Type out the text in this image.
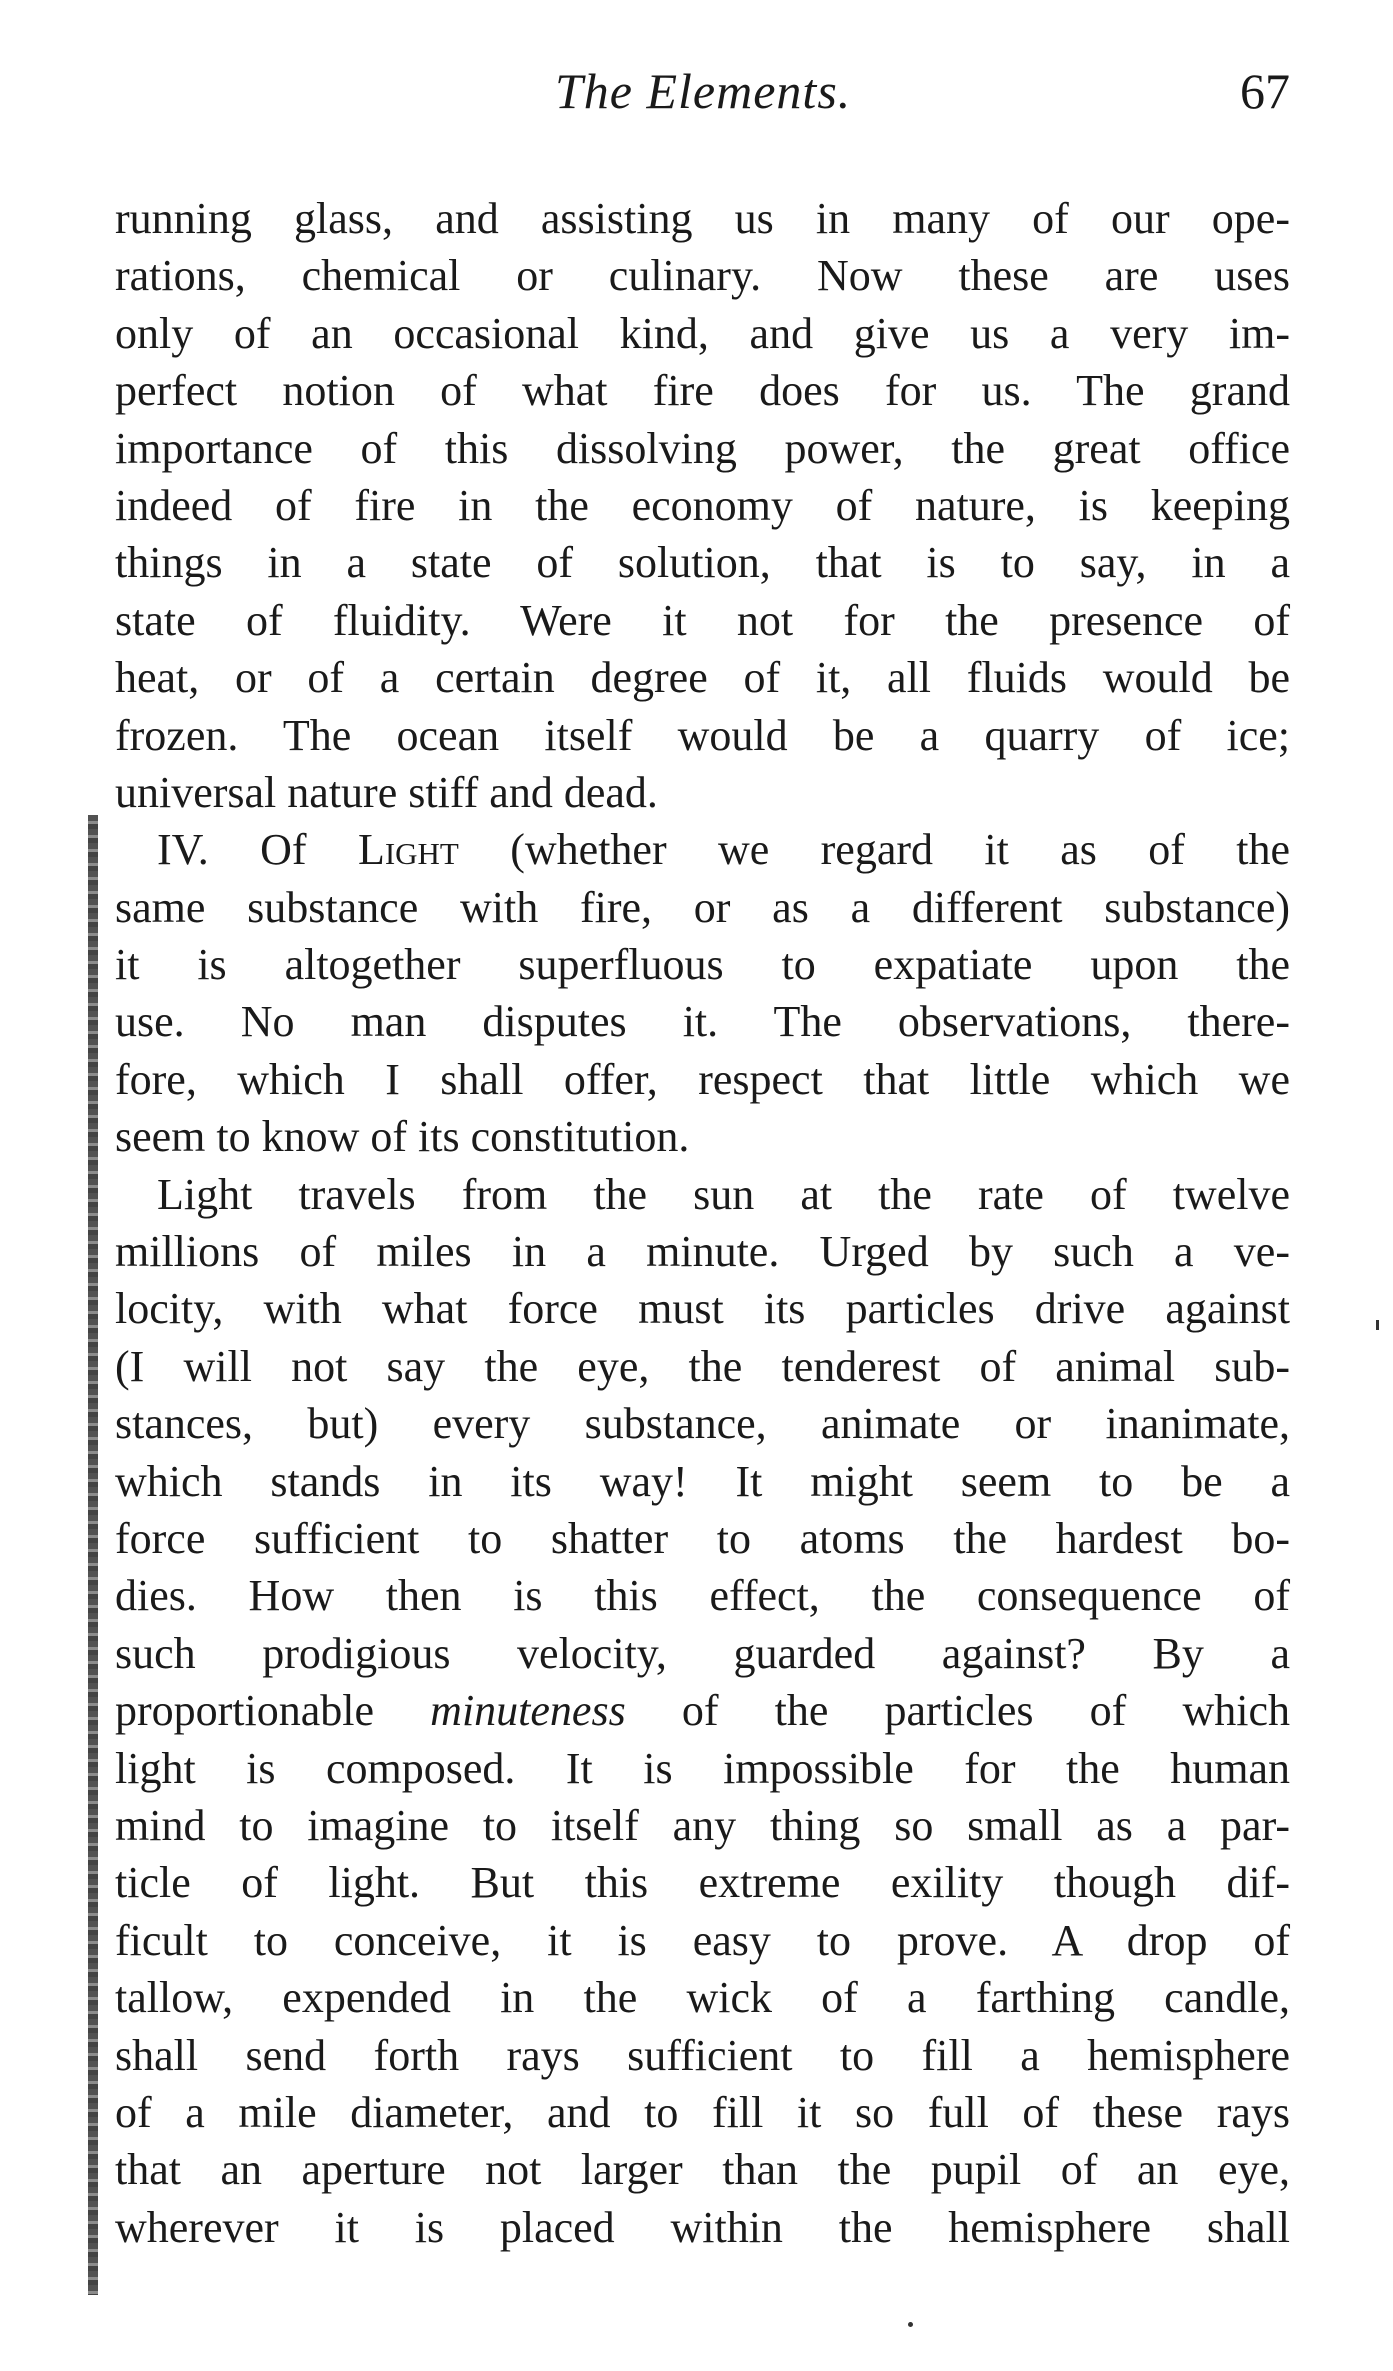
The Elements.	67
running glass, and assisting us in many of our ope-
rations, chemical or culinary. Now these are uses
only of an occasional kind, and give us a very im-
perfect notion of what fire does for us. The grand
importance of this dissolving power, the great office
indeed of fire in the economy of nature, is keeping
things in a state of solution, that is to say, in a
state of fluidity. Were it not for the presence of
heat, or of a certain degree of it, all fluids would be
frozen. The ocean itself would be a quarry of ice;
universal nature stiff and dead.
IV. Of Light (whether we regard it as of the
same substance with fire, or as a different substance)
it is altogether superfluous to expatiate upon the
use. No man disputes it. The observations, there-
fore, which I shall offer, respect that little which we
seem to know of its constitution.
Light travels from the sun at the rate of twelve
millions of miles in a minute. Urged by such a ve-
locity, with what force must its particles drive against
(I will not say the eye, the tenderest of animal sub-
stances, but) every substance, animate or inanimate,
which stands in its way! It might seem to be a
force sufficient to shatter to atoms the hardest bo-
dies. How then is this effect, the consequence of
such prodigious velocity, guarded against? By a
proportionable minuteness of the particles of which
light is composed. It is impossible for the human
mind to imagine to itself any thing so small as a par-
ticle of light. But this extreme exility though dif-
ficult to conceive, it is easy to prove. A drop of
tallow, expended in the wick of a farthing candle,
shall send forth rays sufficient to fill a hemisphere
of a mile diameter, and to fill it so full of these rays
that an aperture not larger than the pupil of an eye,
wherever it is placed within the hemisphere shall
